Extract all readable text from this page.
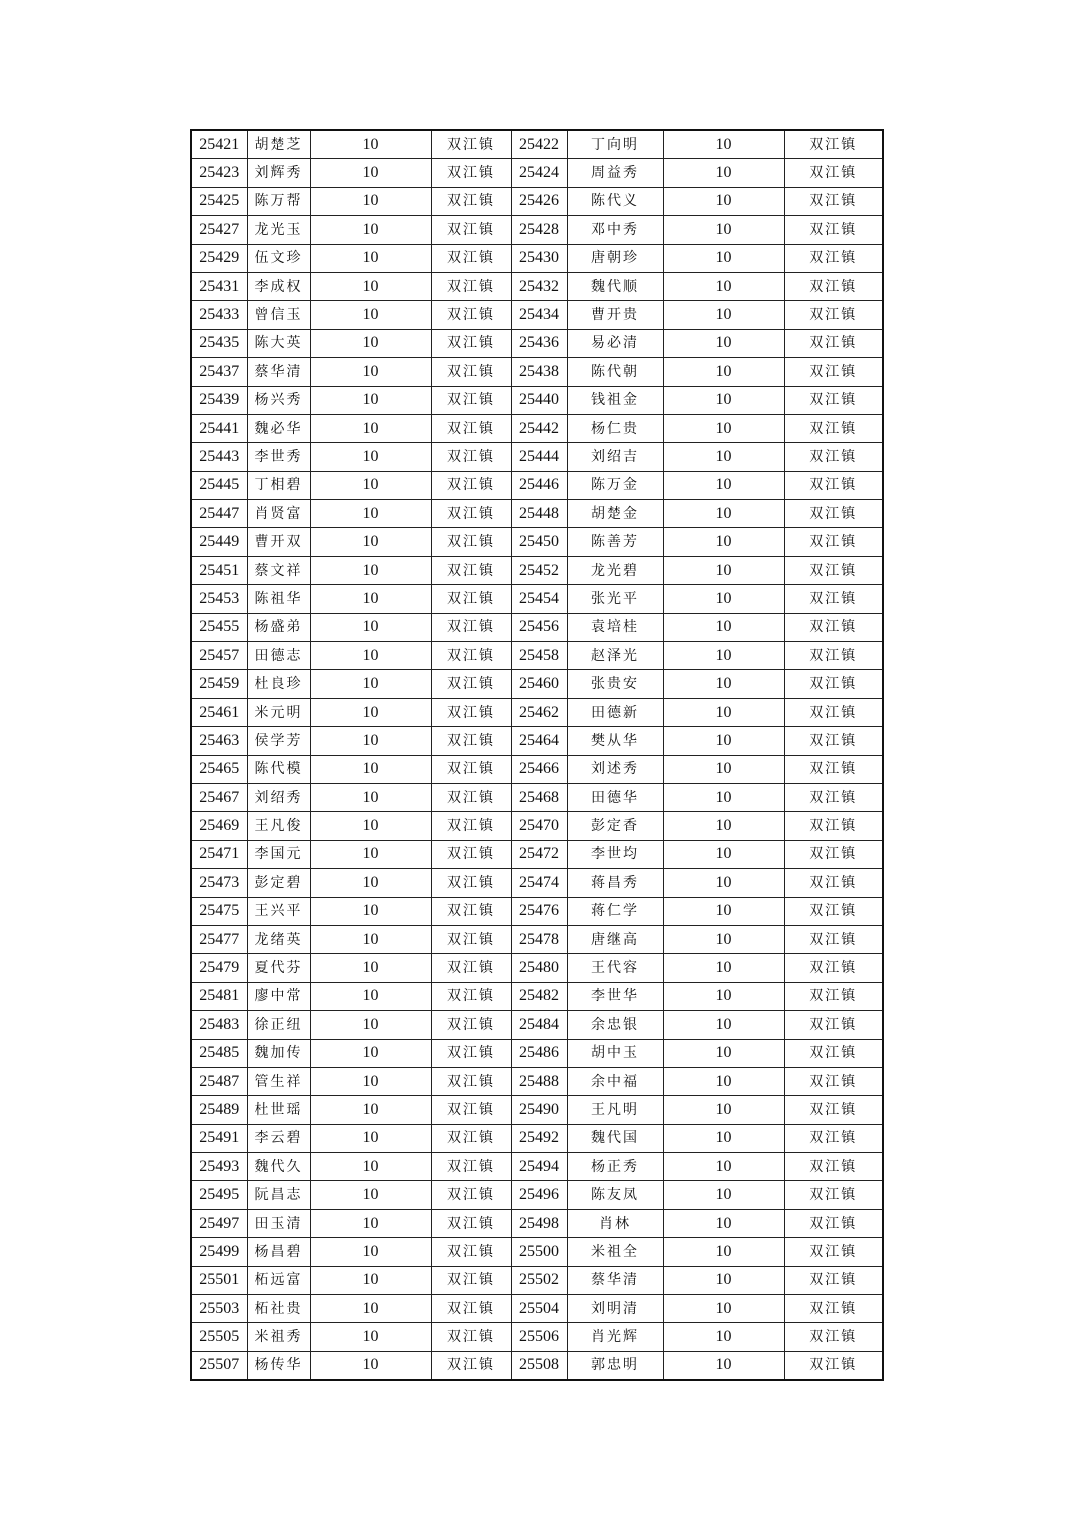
25421	胡楚芝	10	双江镇	25422	丁向明	10	双江镇
25423	刘辉秀	10	双江镇	25424	周益秀	10	双江镇
25425	陈万帮	10	双江镇	25426	陈代义	10	双江镇
25427	龙光玉	10	双江镇	25428	邓中秀	10	双江镇
25429	伍文珍	10	双江镇	25430	唐朝珍	10	双江镇
25431	李成权	10	双江镇	25432	魏代顺	10	双江镇
25433	曾信玉	10	双江镇	25434	曹开贵	10	双江镇
25435	陈大英	10	双江镇	25436	易必清	10	双江镇
25437	蔡华清	10	双江镇	25438	陈代朝	10	双江镇
25439	杨兴秀	10	双江镇	25440	钱祖金	10	双江镇
25441	魏必华	10	双江镇	25442	杨仁贵	10	双江镇
25443	李世秀	10	双江镇	25444	刘绍吉	10	双江镇
25445	丁相碧	10	双江镇	25446	陈万金	10	双江镇
25447	肖贤富	10	双江镇	25448	胡楚金	10	双江镇
25449	曹开双	10	双江镇	25450	陈善芳	10	双江镇
25451	蔡文祥	10	双江镇	25452	龙光碧	10	双江镇
25453	陈祖华	10	双江镇	25454	张光平	10	双江镇
25455	杨盛弟	10	双江镇	25456	袁培桂	10	双江镇
25457	田德志	10	双江镇	25458	赵泽光	10	双江镇
25459	杜良珍	10	双江镇	25460	张贵安	10	双江镇
25461	米元明	10	双江镇	25462	田德新	10	双江镇
25463	侯学芳	10	双江镇	25464	樊从华	10	双江镇
25465	陈代模	10	双江镇	25466	刘述秀	10	双江镇
25467	刘绍秀	10	双江镇	25468	田德华	10	双江镇
25469	王凡俊	10	双江镇	25470	彭定香	10	双江镇
25471	李国元	10	双江镇	25472	李世均	10	双江镇
25473	彭定碧	10	双江镇	25474	蒋昌秀	10	双江镇
25475	王兴平	10	双江镇	25476	蒋仁学	10	双江镇
25477	龙绪英	10	双江镇	25478	唐继高	10	双江镇
25479	夏代芬	10	双江镇	25480	王代容	10	双江镇
25481	廖中常	10	双江镇	25482	李世华	10	双江镇
25483	徐正纽	10	双江镇	25484	余忠银	10	双江镇
25485	魏加传	10	双江镇	25486	胡中玉	10	双江镇
25487	管生祥	10	双江镇	25488	余中福	10	双江镇
25489	杜世瑶	10	双江镇	25490	王凡明	10	双江镇
25491	李云碧	10	双江镇	25492	魏代国	10	双江镇
25493	魏代久	10	双江镇	25494	杨正秀	10	双江镇
25495	阮昌志	10	双江镇	25496	陈友凤	10	双江镇
25497	田玉清	10	双江镇	25498	肖林	10	双江镇
25499	杨昌碧	10	双江镇	25500	米祖全	10	双江镇
25501	柘远富	10	双江镇	25502	蔡华清	10	双江镇
25503	柘社贵	10	双江镇	25504	刘明清	10	双江镇
25505	米祖秀	10	双江镇	25506	肖光辉	10	双江镇
25507	杨传华	10	双江镇	25508	郭忠明	10	双江镇
